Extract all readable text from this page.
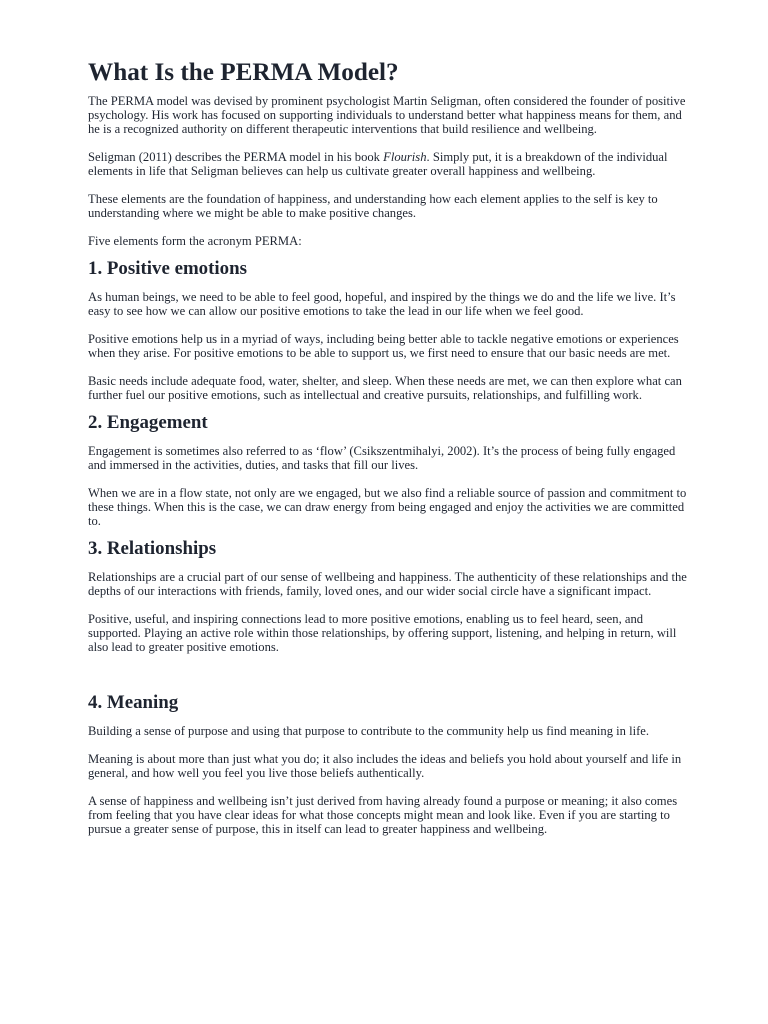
What Is the PERMA Model?

The PERMA model was devised by prominent psychologist Martin Seligman, often considered the founder of positive psychology. His work has focused on supporting individuals to understand better what happiness means for them, and he is a recognized authority on different therapeutic interventions that build resilience and wellbeing.

Seligman (2011) describes the PERMA model in his book Flourish. Simply put, it is a breakdown of the individual elements in life that Seligman believes can help us cultivate greater overall happiness and wellbeing.

These elements are the foundation of happiness, and understanding how each element applies to the self is key to understanding where we might be able to make positive changes.

Five elements form the acronym PERMA:

1. Positive emotions

As human beings, we need to be able to feel good, hopeful, and inspired by the things we do and the life we live. It’s easy to see how we can allow our positive emotions to take the lead in our life when we feel good.

Positive emotions help us in a myriad of ways, including being better able to tackle negative emotions or experiences when they arise. For positive emotions to be able to support us, we first need to ensure that our basic needs are met.

Basic needs include adequate food, water, shelter, and sleep. When these needs are met, we can then explore what can further fuel our positive emotions, such as intellectual and creative pursuits, relationships, and fulfilling work.

2. Engagement

Engagement is sometimes also referred to as ‘flow’ (Csikszentmihalyi, 2002). It’s the process of being fully engaged and immersed in the activities, duties, and tasks that fill our lives.

When we are in a flow state, not only are we engaged, but we also find a reliable source of passion and commitment to these things. When this is the case, we can draw energy from being engaged and enjoy the activities we are committed to.

3. Relationships

Relationships are a crucial part of our sense of wellbeing and happiness. The authenticity of these relationships and the depths of our interactions with friends, family, loved ones, and our wider social circle have a significant impact.

Positive, useful, and inspiring connections lead to more positive emotions, enabling us to feel heard, seen, and supported. Playing an active role within those relationships, by offering support, listening, and helping in return, will also lead to greater positive emotions.

4. Meaning

Building a sense of purpose and using that purpose to contribute to the community help us find meaning in life.

Meaning is about more than just what you do; it also includes the ideas and beliefs you hold about yourself and life in general, and how well you feel you live those beliefs authentically.

A sense of happiness and wellbeing isn’t just derived from having already found a purpose or meaning; it also comes from feeling that you have clear ideas for what those concepts might mean and look like. Even if you are starting to pursue a greater sense of purpose, this in itself can lead to greater happiness and wellbeing.
